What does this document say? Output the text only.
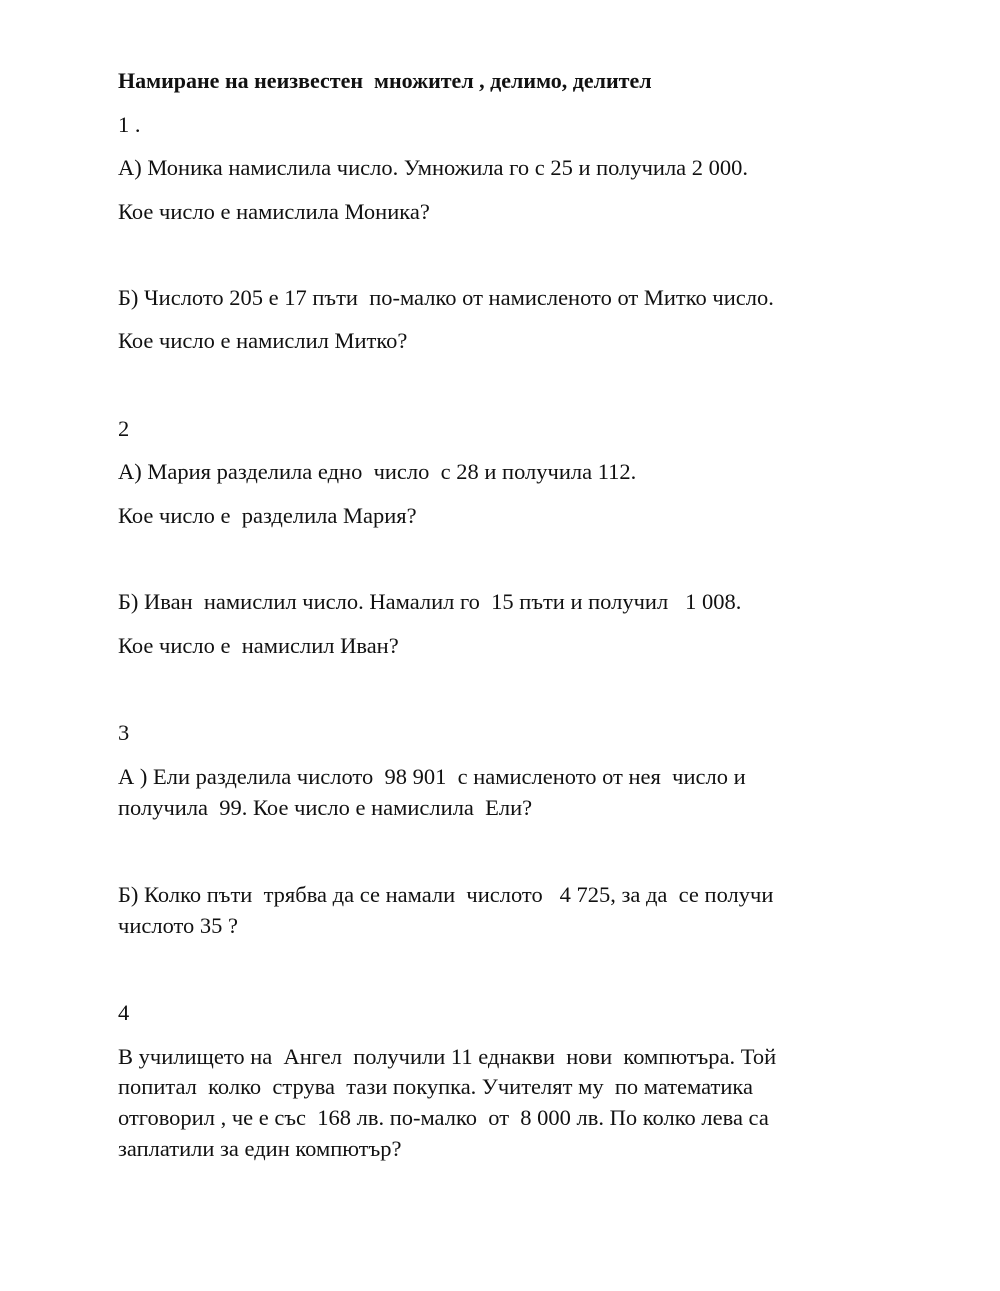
Намиране на неизвестен  множител , делимо, делител

1 .

А) Моника намислила число. Умножила го с 25 и получила 2 000.

Кое число е намислила Моника?

Б) Числото 205 е 17 пъти  по-малко от намисленото от Митко число.

Кое число е намислил Митко?

2

А) Мария разделила едно  число  с 28 и получила 112.

Кое число е  разделила Мария?

Б) Иван  намислил число. Намалил го  15 пъти и получил   1 008.

Кое число е  намислил Иван?

3

А ) Ели разделила числото  98 901  с намисленото от нея  число и

получила  99. Кое число е намислила  Ели?

Б) Колко пъти  трябва да се намали  числото   4 725, за да  се получи

числото 35 ?

4

В училището на  Ангел  получили 11 еднакви  нови  компютъра. Той

попитал  колко  струва  тази покупка. Учителят му  по математика

отговорил , че е със  168 лв. по-малко  от  8 000 лв. По колко лева са

заплатили за един компютър?
